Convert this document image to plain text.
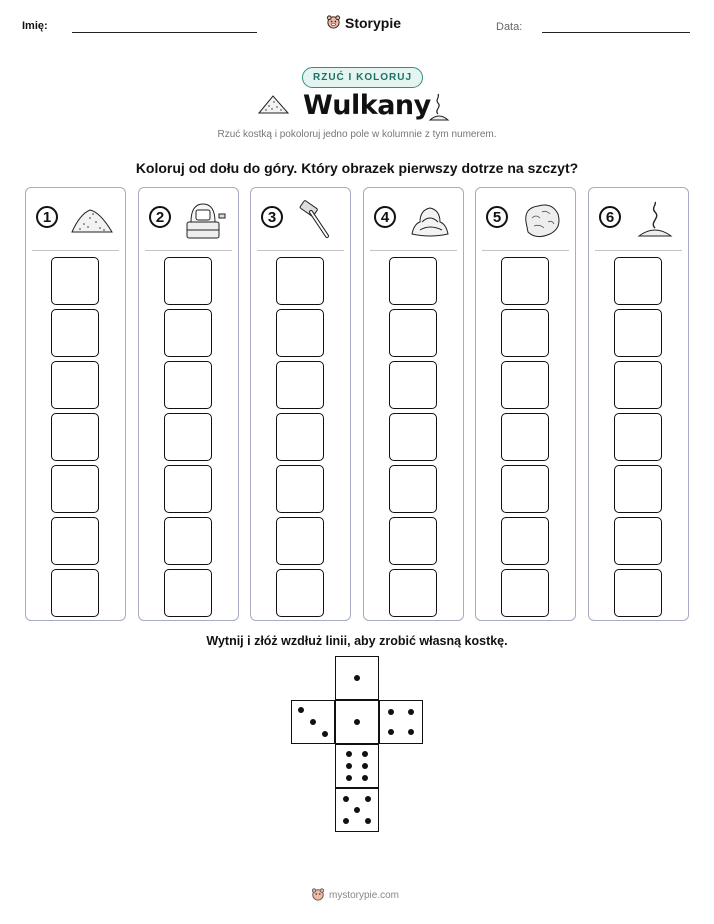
Imię:	Storypie	Data:
RZUĆ I KOLORUJ
Wulkany
Rzuć kostką i pokoloruj jedno pole w kolumnie z tym numerem.
Koloruj od dołu do góry. Który obrazek pierwszy dotrze na szczyt?
1	2	3	4	5	6
Wytnij i złóż wzdłuż linii, aby zrobić własną kostkę.
mystorypie.com
